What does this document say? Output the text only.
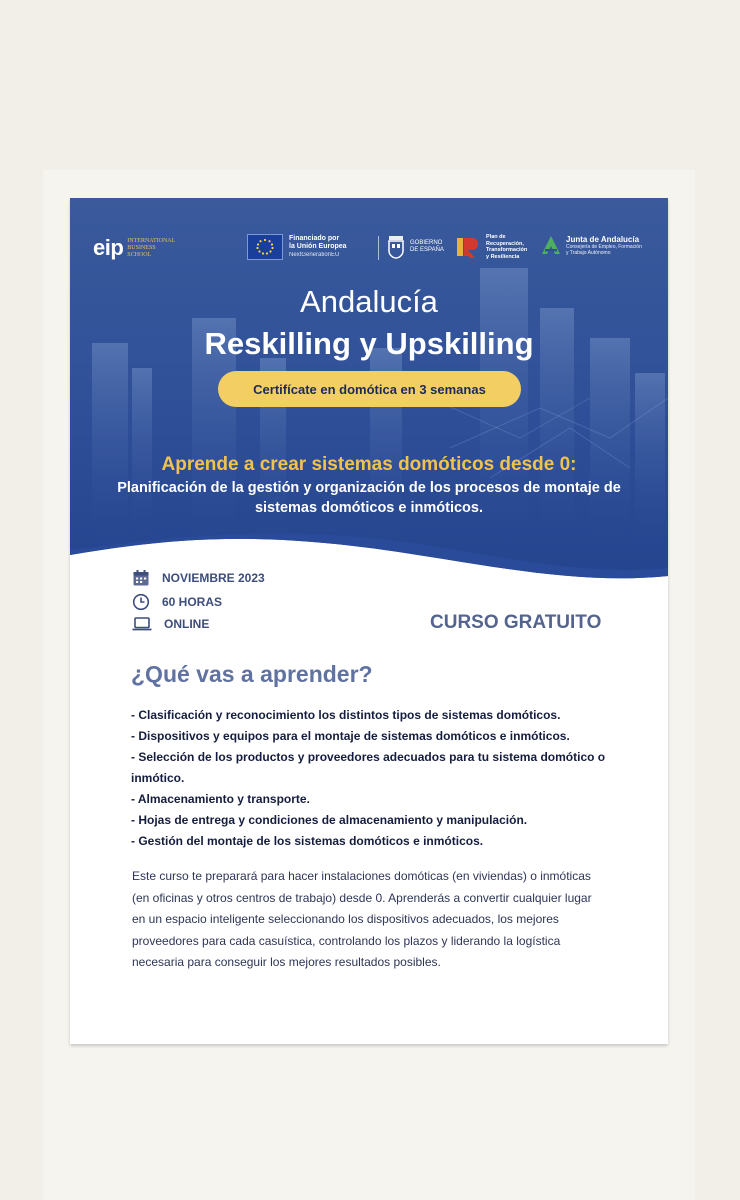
eip INTERNATIONAL
BUSINESS
SCHOOL
Financiado por
la Unión Europea
NextGenerationEU
GOBIERNO
DE ESPAÑA
Plan de
Recuperación,
Transformación
y Resiliencia
Junta de Andalucía
Consejería de Empleo, Formación
y Trabajo Autónomo
Andalucía
Reskilling y Upskilling
Certifícate en domótica en 3 semanas
Aprende a crear sistemas domóticos desde 0:
Planificación de la gestión y organización de los procesos de montaje de sistemas domóticos e inmóticos.
NOVIEMBRE 2023
60 HORAS
ONLINE	CURSO GRATUITO
¿Qué vas a aprender?
- Clasificación y reconocimiento los distintos tipos de sistemas domóticos.
- Dispositivos y equipos para el montaje de sistemas domóticos e inmóticos.
- Selección de los productos y proveedores adecuados para tu sistema domótico o inmótico.
- Almacenamiento y transporte.
- Hojas de entrega y condiciones de almacenamiento y manipulación.
- Gestión del montaje de los sistemas domóticos e inmóticos.
Este curso te preparará para hacer instalaciones domóticas (en viviendas) o inmóticas (en oficinas y otros centros de trabajo) desde 0. Aprenderás a convertir cualquier lugar en un espacio inteligente seleccionando los dispositivos adecuados, los mejores proveedores para cada casuística, controlando los plazos y liderando la logística necesaria para conseguir los mejores resultados posibles.
